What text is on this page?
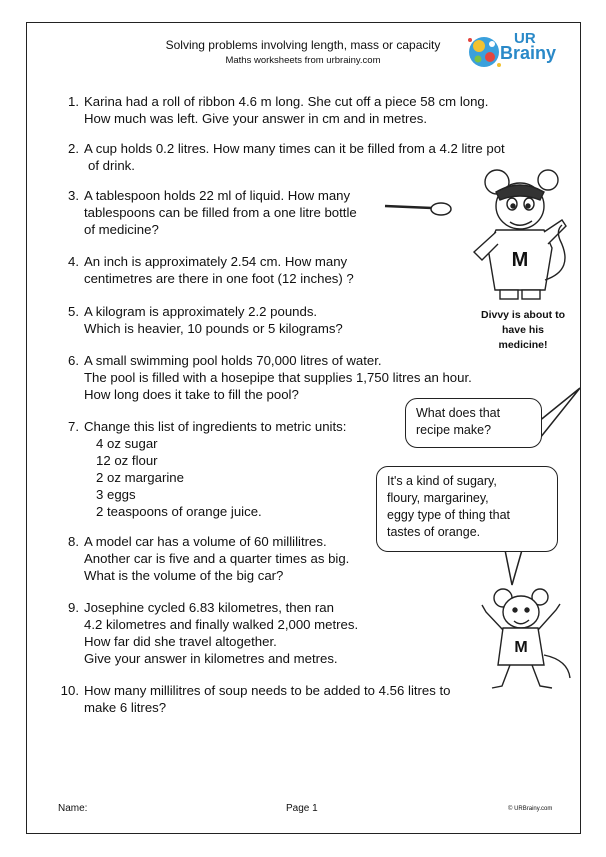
Solving problems involving length, mass or capacity
Maths worksheets from urbrainy.com
UR
Brainy
1. Karina had a roll of ribbon 4.6 m long. She cut off a piece 58 cm long.
How much was left. Give your answer in cm and in metres.
2. A cup holds 0.2 litres. How many times can it be filled from a 4.2 litre pot
of drink.
3. A tablespoon holds 22 ml of liquid. How many
tablespoons can be filled from a one litre bottle
of medicine?
4. An inch is approximately 2.54 cm. How many
centimetres are there in one foot (12 inches) ?
5. A kilogram is approximately 2.2 pounds.
Which is heavier, 10 pounds or 5 kilograms?
6. A small swimming pool holds 70,000 litres of water.
The pool is filled with a hosepipe that supplies 1,750 litres an hour.
How long does it take to fill the pool?
7. Change this list of ingredients to metric units:
4 oz sugar
12 oz flour
2 oz margarine
3 eggs
2 teaspoons of orange juice.
8. A model car has a volume of 60 millilitres.
Another car is five and a quarter times as big.
What is the volume of the big car?
9. Josephine cycled 6.83 kilometres, then ran
4.2 kilometres and finally walked 2,000 metres.
How far did she travel altogether.
Give your answer in kilometres and metres.
10. How many millilitres of soup needs to be added to 4.56 litres to
make 6 litres?
M
M
Divvy is about to
have his
medicine!
What does that
recipe make?
It's a kind of sugary,
floury, margariney,
eggy type of thing that
tastes of orange.
Name:	Page 1	© URBrainy.com
